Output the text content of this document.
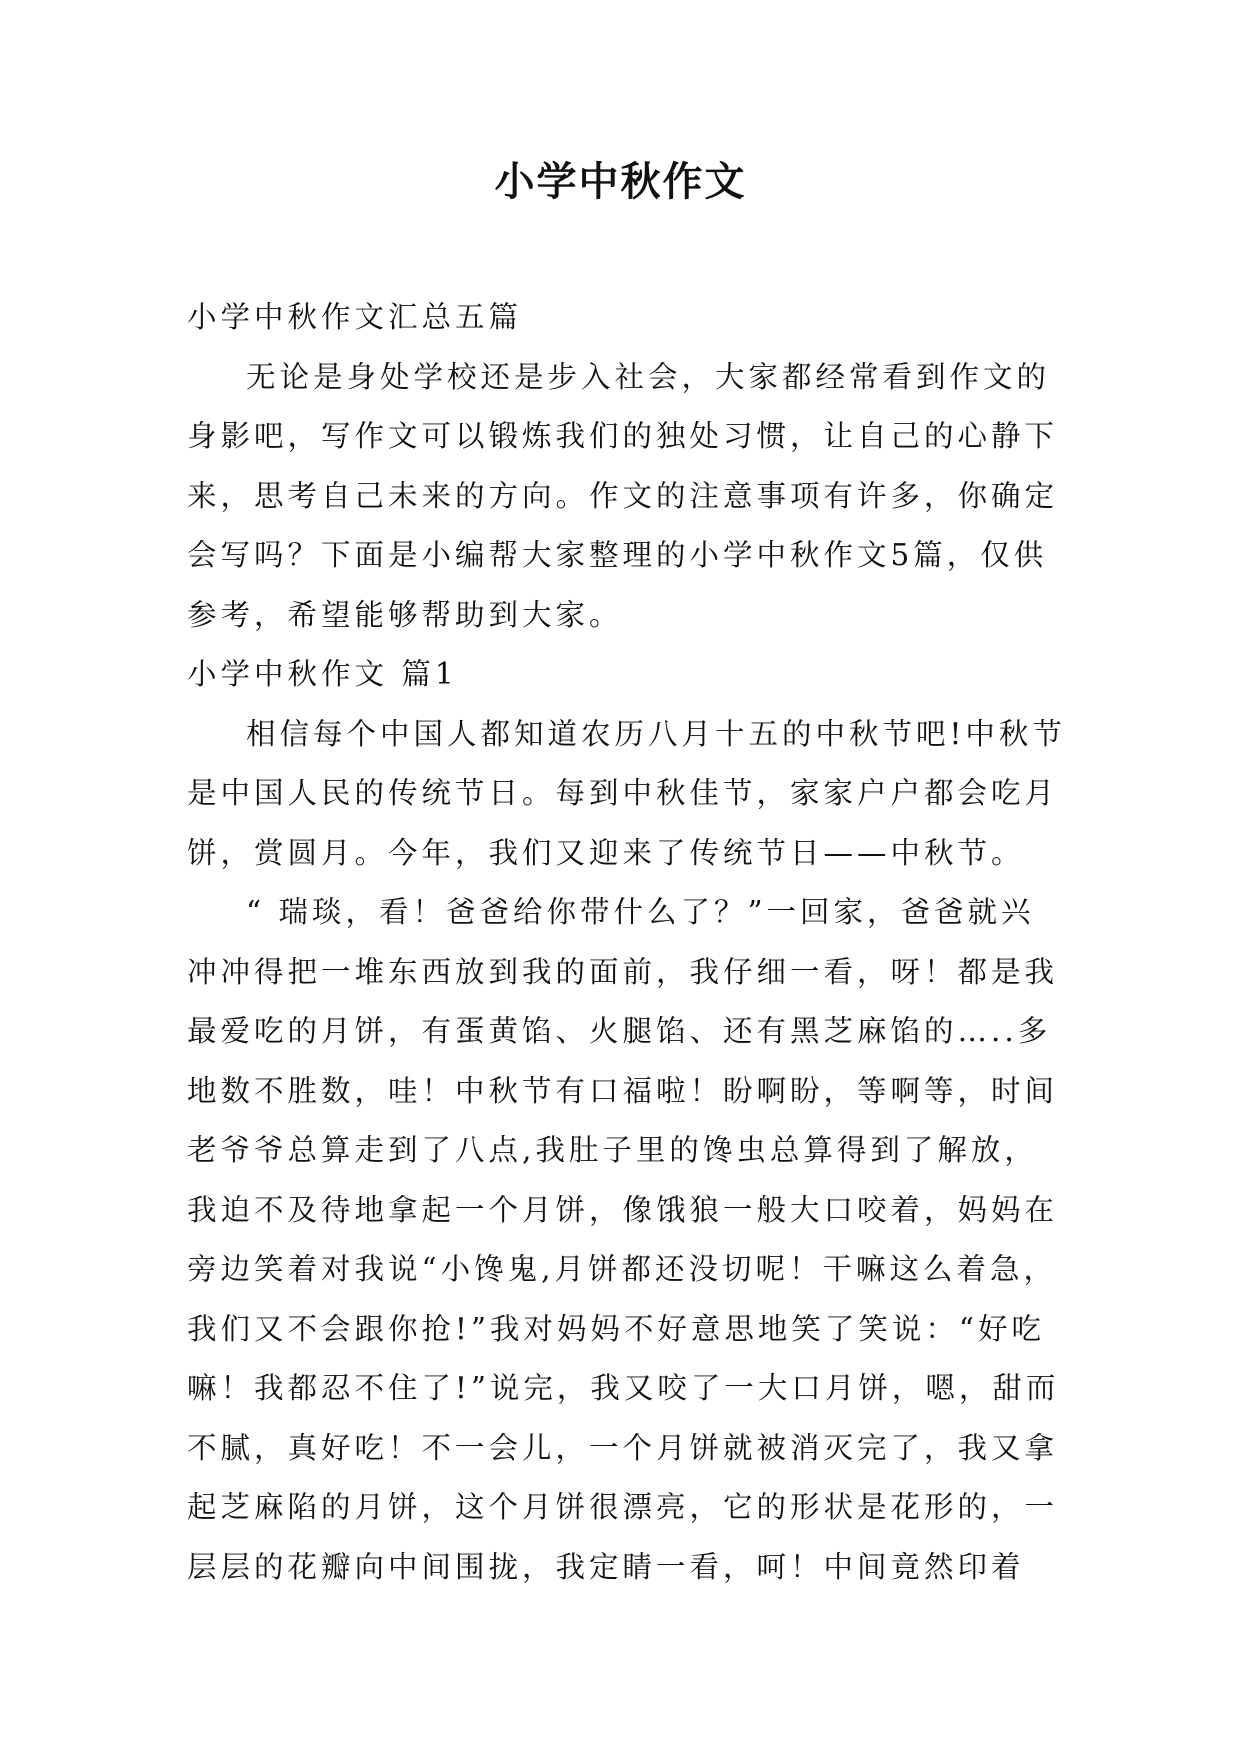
小学中秋作文

小学中秋作文汇总五篇

无论是身处学校还是步入社会，大家都经常看到作文的身影吧，写作文可以锻炼我们的独处习惯，让自己的心静下来，思考自己未来的方向。作文的注意事项有许多，你确定会写吗？下面是小编帮大家整理的小学中秋作文5篇，仅供参考，希望能够帮助到大家。

小学中秋作文 篇1

相信每个中国人都知道农历八月十五的中秋节吧!中秋节是中国人民的传统节日。每到中秋佳节，家家户户都会吃月饼，赏圆月。今年，我们又迎来了传统节日——中秋节。

“ 瑞琰，看！爸爸给你带什么了？”一回家，爸爸就兴冲冲得把一堆东西放到我的面前，我仔细一看，呀！都是我最爱吃的月饼，有蛋黄馅、火腿馅、还有黑芝麻馅的…..多地数不胜数，哇！中秋节有口福啦！盼啊盼，等啊等，时间老爷爷总算走到了八点,我肚子里的馋虫总算得到了解放，我迫不及待地拿起一个月饼，像饿狼一般大口咬着，妈妈在旁边笑着对我说“小馋鬼,月饼都还没切呢！干嘛这么着急，我们又不会跟你抢!”我对妈妈不好意思地笑了笑说：“好吃嘛！我都忍不住了!”说完，我又咬了一大口月饼，嗯，甜而不腻，真好吃！不一会儿，一个月饼就被消灭完了，我又拿起芝麻陷的月饼，这个月饼很漂亮，它的形状是花形的，一层层的花瓣向中间围拢，我定睛一看，呵！中间竟然印着
